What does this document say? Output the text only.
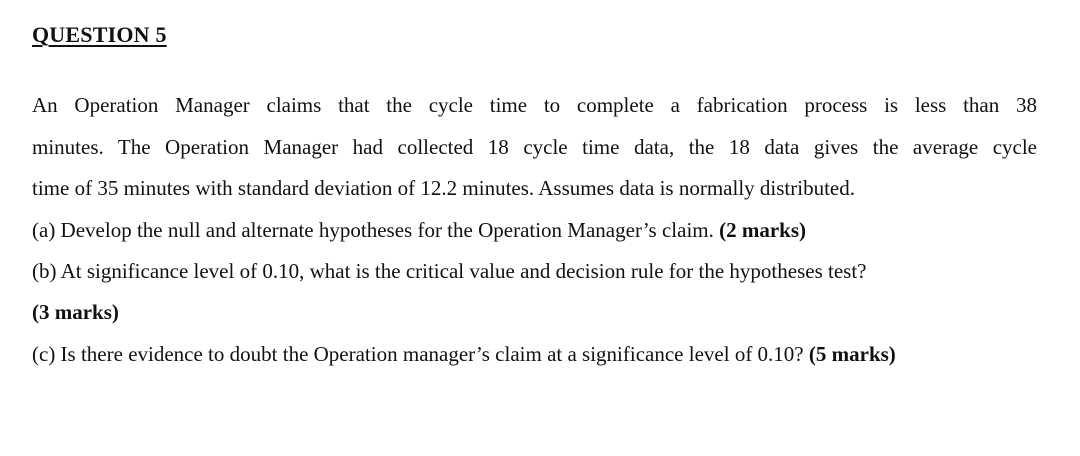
QUESTION 5
An Operation Manager claims that the cycle time to complete a fabrication process is less than 38
minutes. The Operation Manager had collected 18 cycle time data, the 18 data gives the average cycle
time of 35 minutes with standard deviation of 12.2 minutes. Assumes data is normally distributed.
(a) Develop the null and alternate hypotheses for the Operation Manager’s claim. (2 marks)
(b) At significance level of 0.10, what is the critical value and decision rule for the hypotheses test?
(3 marks)
(c) Is there evidence to doubt the Operation manager’s claim at a significance level of 0.10? (5 marks)
